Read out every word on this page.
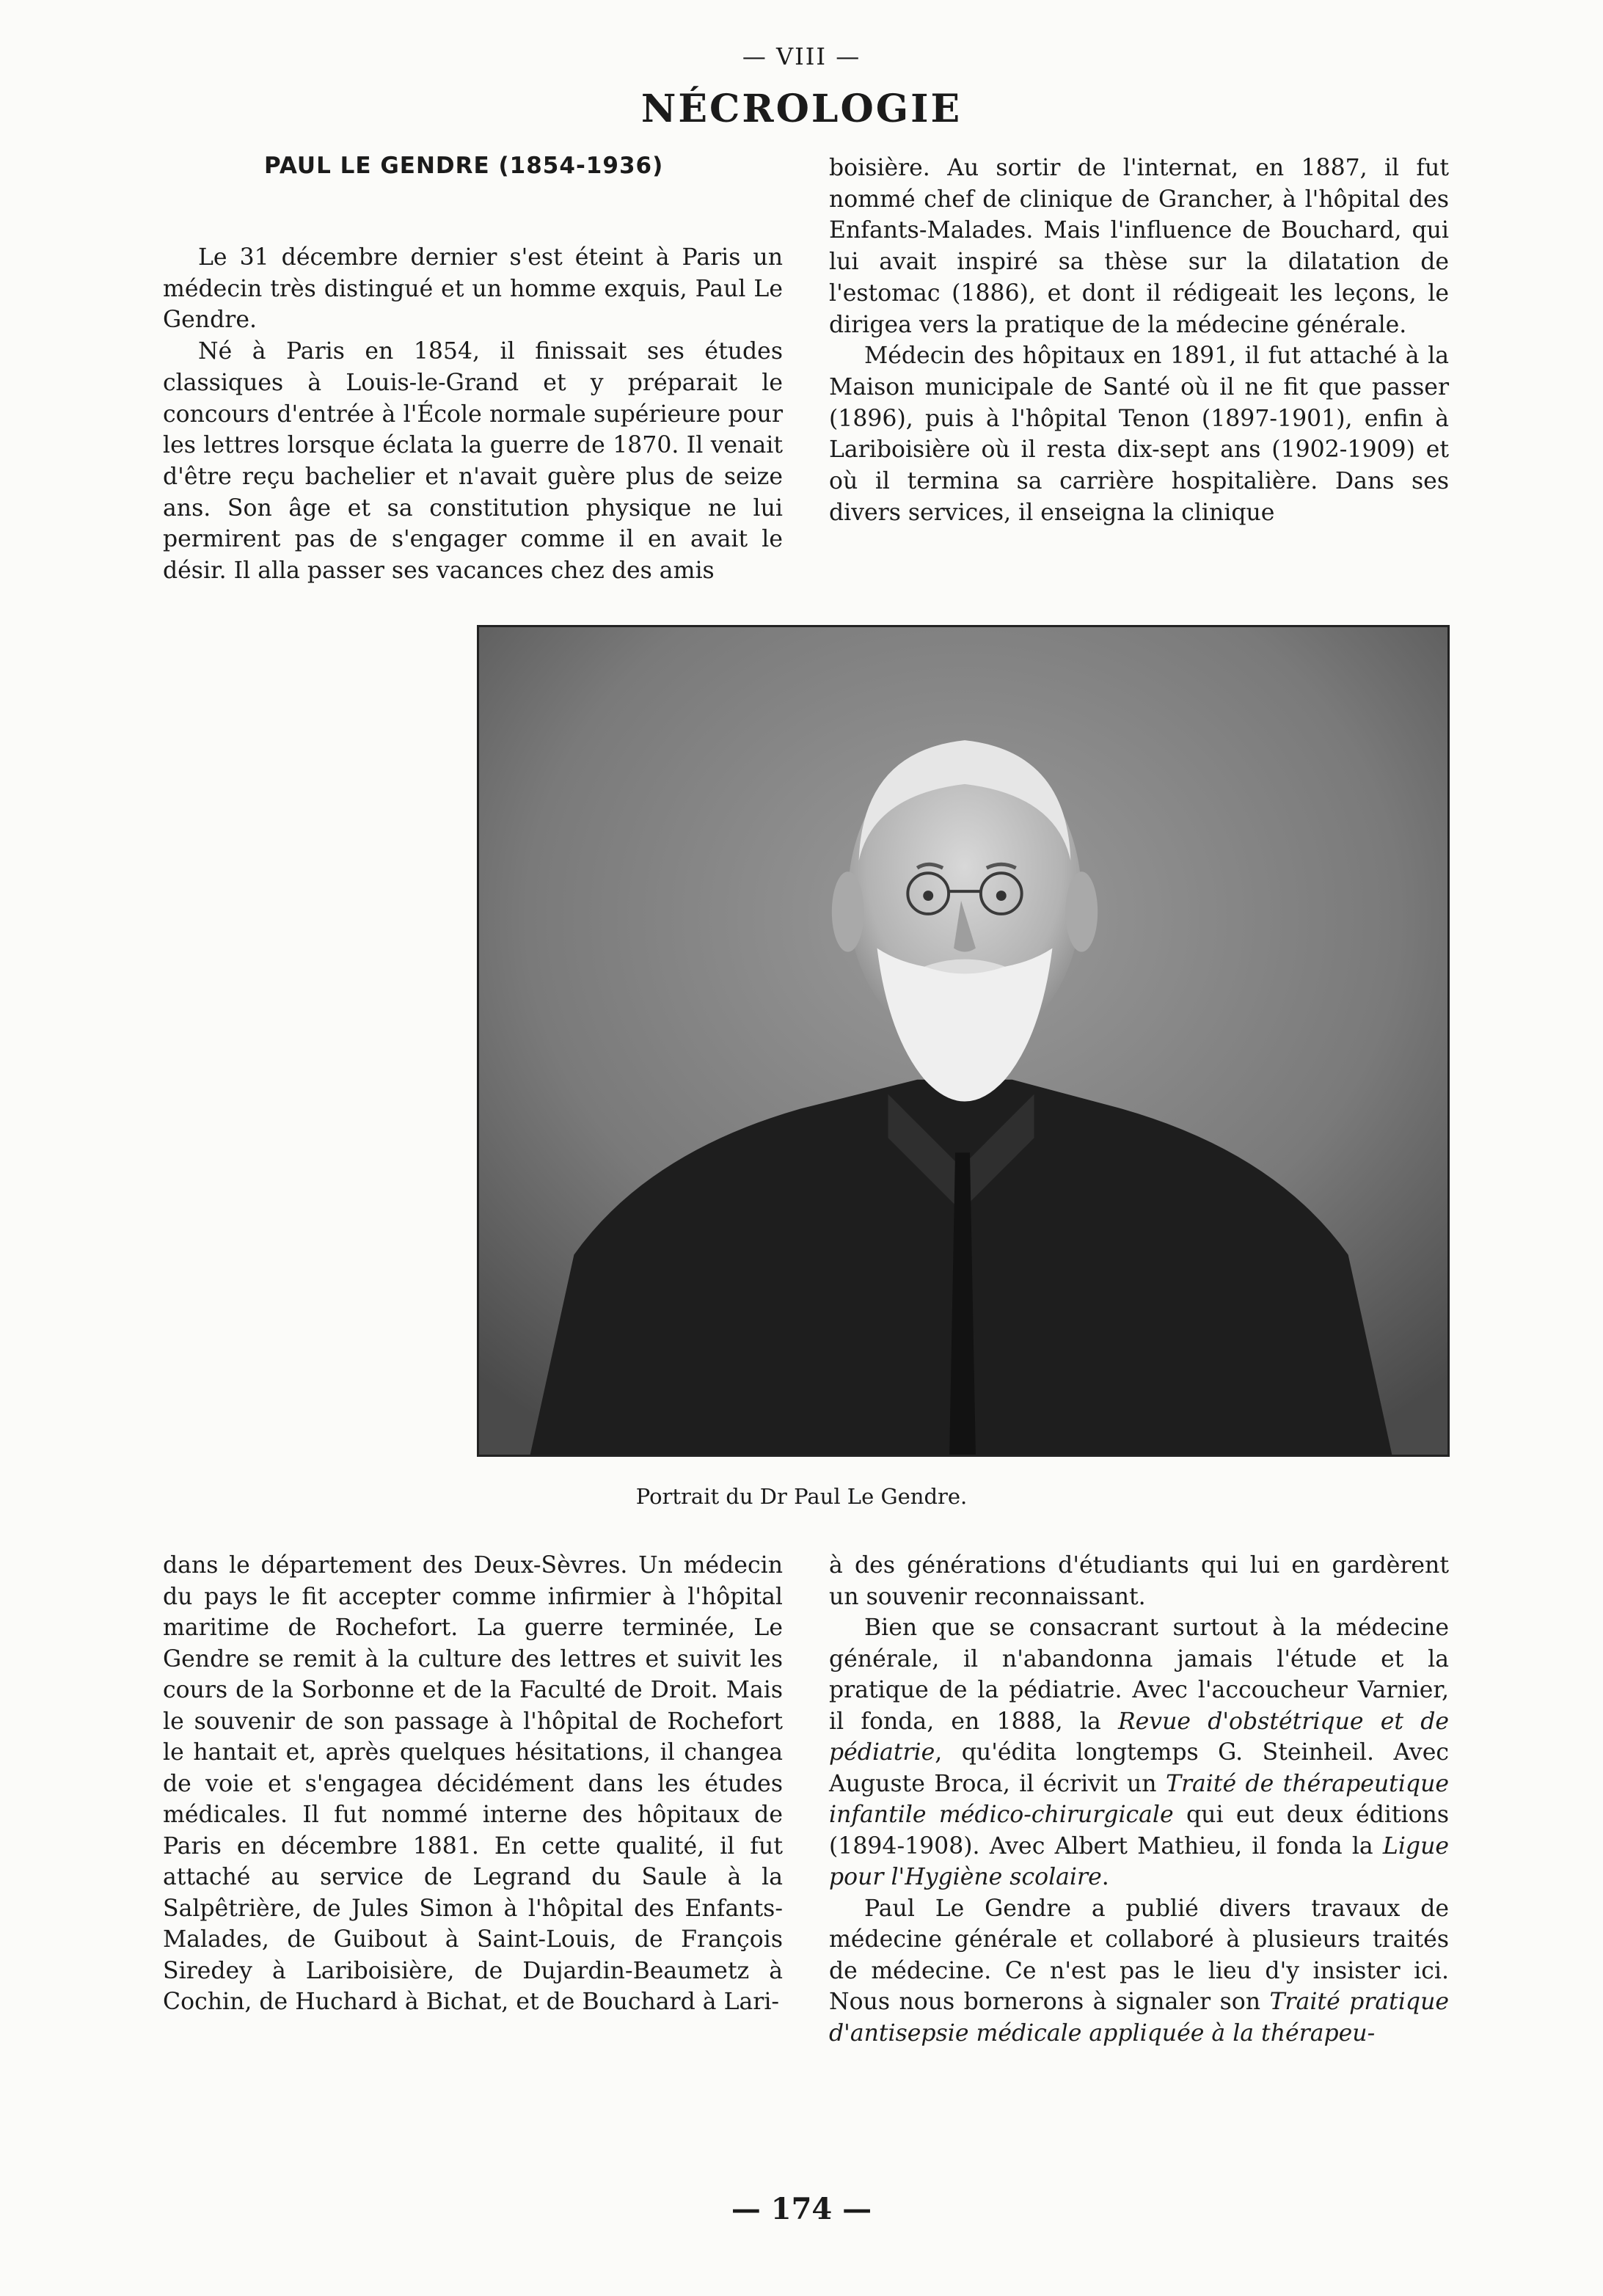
— VIII —
NÉCROLOGIE
PAUL LE GENDRE (1854-1936)

Le 31 décembre dernier s'est éteint à Paris un médecin très distingué et un homme exquis, Paul Le Gendre.

Né à Paris en 1854, il finissait ses études classiques à Louis-le-Grand et y préparait le concours d'entrée à l'École normale supérieure pour les lettres lorsque éclata la guerre de 1870. Il venait d'être reçu bachelier et n'avait guère plus de seize ans. Son âge et sa constitution physique ne lui permirent pas de s'engager comme il en avait le désir. Il alla passer ses vacances chez des amis

boisière. Au sortir de l'internat, en 1887, il fut nommé chef de clinique de Grancher, à l'hôpital des Enfants-Malades. Mais l'influence de Bouchard, qui lui avait inspiré sa thèse sur la dilatation de l'estomac (1886), et dont il rédigeait les leçons, le dirigea vers la pratique de la médecine générale.

Médecin des hôpitaux en 1891, il fut attaché à la Maison municipale de Santé où il ne fit que passer (1896), puis à l'hôpital Tenon (1897-1901), enfin à Lariboisière où il resta dix-sept ans (1902-1909) et où il termina sa carrière hospitalière. Dans ses divers services, il enseigna la clinique

Portrait du Dr Paul Le Gendre.

dans le département des Deux-Sèvres. Un médecin du pays le fit accepter comme infirmier à l'hôpital maritime de Rochefort. La guerre terminée, Le Gendre se remit à la culture des lettres et suivit les cours de la Sorbonne et de la Faculté de Droit. Mais le souvenir de son passage à l'hôpital de Rochefort le hantait et, après quelques hésitations, il changea de voie et s'engagea décidément dans les études médicales. Il fut nommé interne des hôpitaux de Paris en décembre 1881. En cette qualité, il fut attaché au service de Legrand du Saule à la Salpêtrière, de Jules Simon à l'hôpital des Enfants-Malades, de Guibout à Saint-Louis, de François Siredey à Lariboisière, de Dujardin-Beaumetz à Cochin, de Huchard à Bichat, et de Bouchard à Lari-

à des générations d'étudiants qui lui en gardèrent un souvenir reconnaissant.

Bien que se consacrant surtout à la médecine générale, il n'abandonna jamais l'étude et la pratique de la pédiatrie. Avec l'accoucheur Varnier, il fonda, en 1888, la Revue d'obstétrique et de pédiatrie, qu'édita longtemps G. Steinheil. Avec Auguste Broca, il écrivit un Traité de thérapeutique infantile médico-chirurgicale qui eut deux éditions (1894-1908). Avec Albert Mathieu, il fonda la Ligue pour l'Hygiène scolaire.

Paul Le Gendre a publié divers travaux de médecine générale et collaboré à plusieurs traités de médecine. Ce n'est pas le lieu d'y insister ici. Nous nous bornerons à signaler son Traité pratique d'antisepsie médicale appliquée à la thérapeu-

— 174 —
